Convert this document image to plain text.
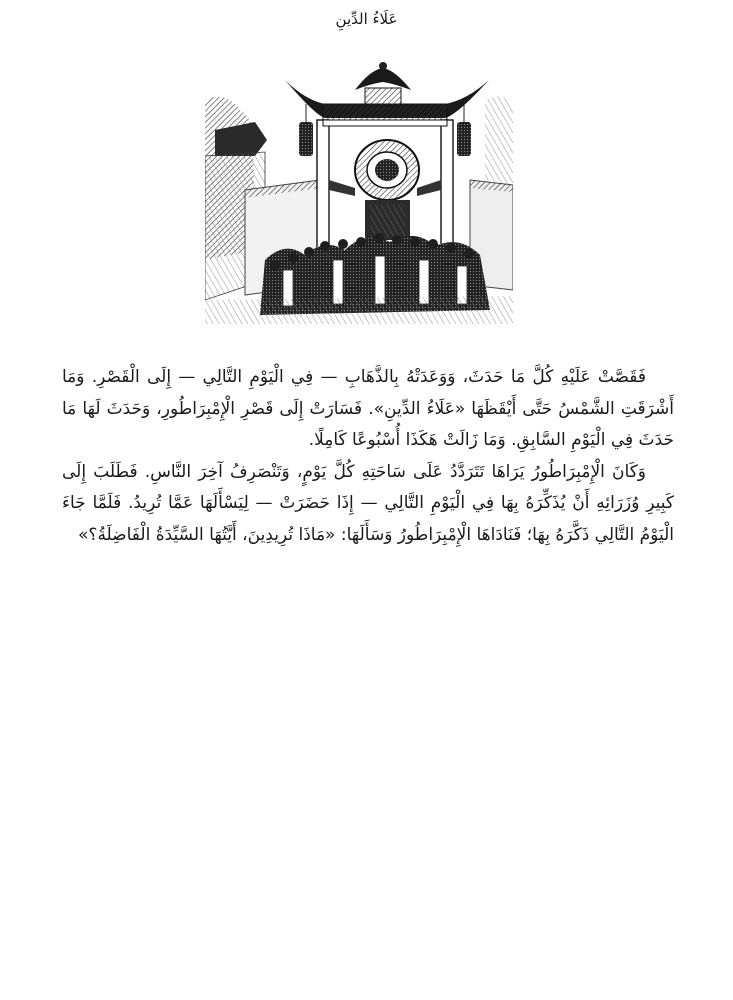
عَلَاءُ الدِّينِ

فَقَصَّتْ عَلَيْهِ كُلَّ مَا حَدَثَ، وَوَعَدَتْهُ بِالذَّهَابِ — فِي الْيَوْمِ التَّالِي — إِلَى الْقَصْرِ. وَمَا أَشْرَقَتِ الشَّمْسُ حَتَّى أَيْقَظَهَا «عَلَاءُ الدِّينِ». فَسَارَتْ إِلَى قَصْرِ الْإِمْبِرَاطُورِ، وَحَدَثَ لَهَا مَا حَدَثَ فِي الْيَوْمِ السَّابِقِ. وَمَا زَالَتْ هَكَذَا أُسْبُوعًا كَامِلًا.

وَكَانَ الْإِمْبِرَاطُورُ يَرَاهَا تَتَرَدَّدُ عَلَى سَاحَتِهِ كُلَّ يَوْمٍ، وَتَنْصَرِفُ آخِرَ النَّاسِ. فَطَلَبَ إِلَى كَبِيرِ وُزَرَائِهِ أَنْ يُذَكِّرَهُ بِهَا فِي الْيَوْمِ التَّالِي — إِذَا حَضَرَتْ — لِيَسْأَلَهَا عَمَّا تُرِيدُ. فَلَمَّا جَاءَ الْيَوْمُ التَّالِي ذَكَّرَهُ بِهَا؛ فَنَادَاهَا الْإِمْبِرَاطُورُ وَسَأَلَهَا: «مَاذَا تُرِيدِينَ، أَيَّتُهَا السَّيِّدَةُ الْفَاضِلَةُ؟»
